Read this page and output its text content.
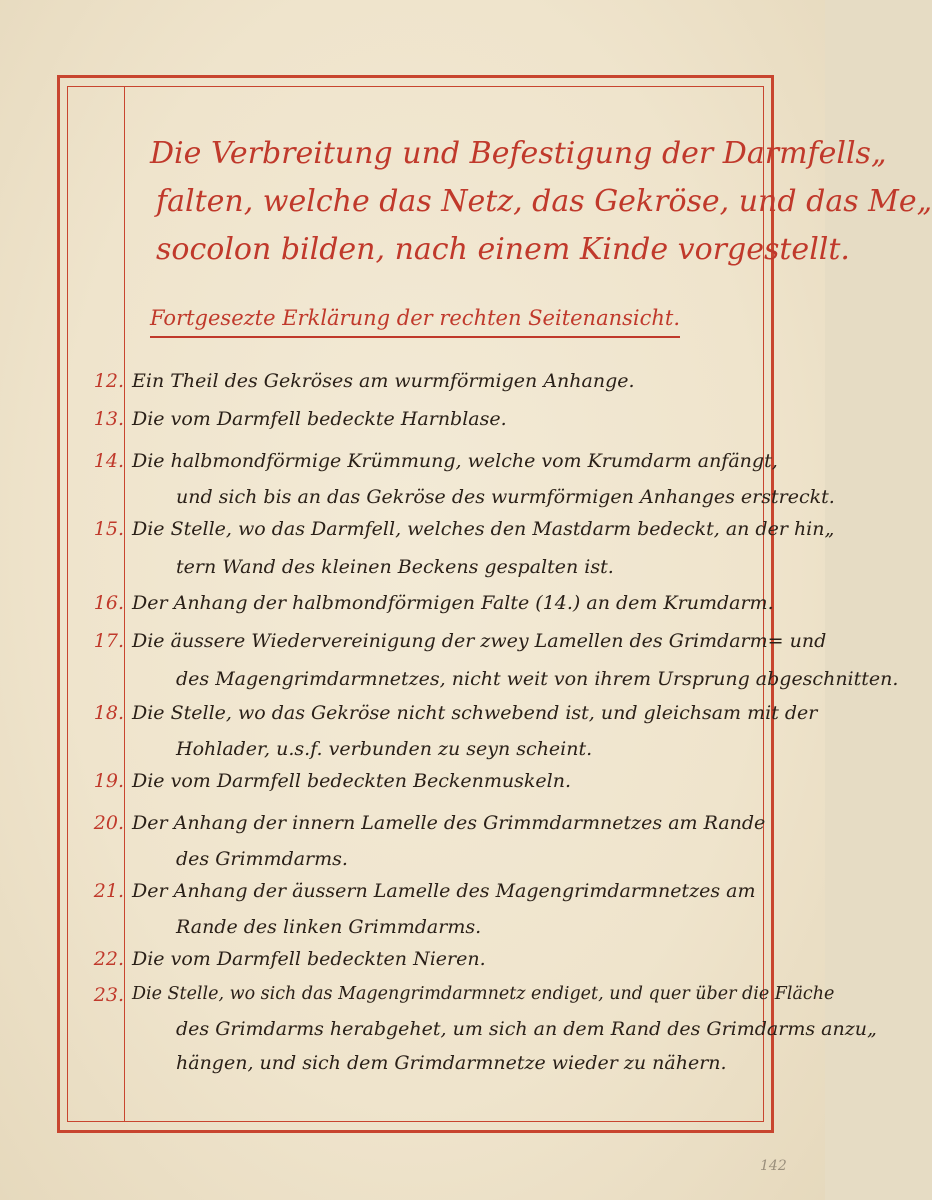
Die Verbreitung und Befestigung der Darmfells„
falten, welche das Netz, das Gekröse, und das Me„
socolon bilden, nach einem Kinde vorgestellt.
Fortgesezte Erklärung der rechten Seitenansicht.
12. Ein Theil des Gekröses am wurmförmigen Anhange.
13. Die vom Darmfell bedeckte Harnblase.
14. Die halbmondförmige Krümmung, welche vom Krumdarm anfängt,
und sich bis an das Gekröse des wurmförmigen Anhanges erstreckt.
15. Die Stelle, wo das Darmfell, welches den Mastdarm bedeckt, an der hin„
tern Wand des kleinen Beckens gespalten ist.
16. Der Anhang der halbmondförmigen Falte (14.) an dem Krumdarm.
17. Die äussere Wiedervereinigung der zwey Lamellen des Grimdarm= und
des Magengrimdarmnetzes, nicht weit von ihrem Ursprung abgeschnitten.
18. Die Stelle, wo das Gekröse nicht schwebend ist, und gleichsam mit der
Hohlader, u.s.f. verbunden zu seyn scheint.
19. Die vom Darmfell bedeckten Beckenmuskeln.
20. Der Anhang der innern Lamelle des Grimmdarmnetzes am Rande
des Grimmdarms.
21. Der Anhang der äussern Lamelle des Magengrimdarmnetzes am
Rande des linken Grimmdarms.
22. Die vom Darmfell bedeckten Nieren.
23. Die Stelle, wo sich das Magengrimdarmnetz endiget, und quer über die Fläche
des Grimdarms herabgehet, um sich an dem Rand des Grimdarms anzu„
hängen, und sich dem Grimdarmnetze wieder zu nähern.
142
